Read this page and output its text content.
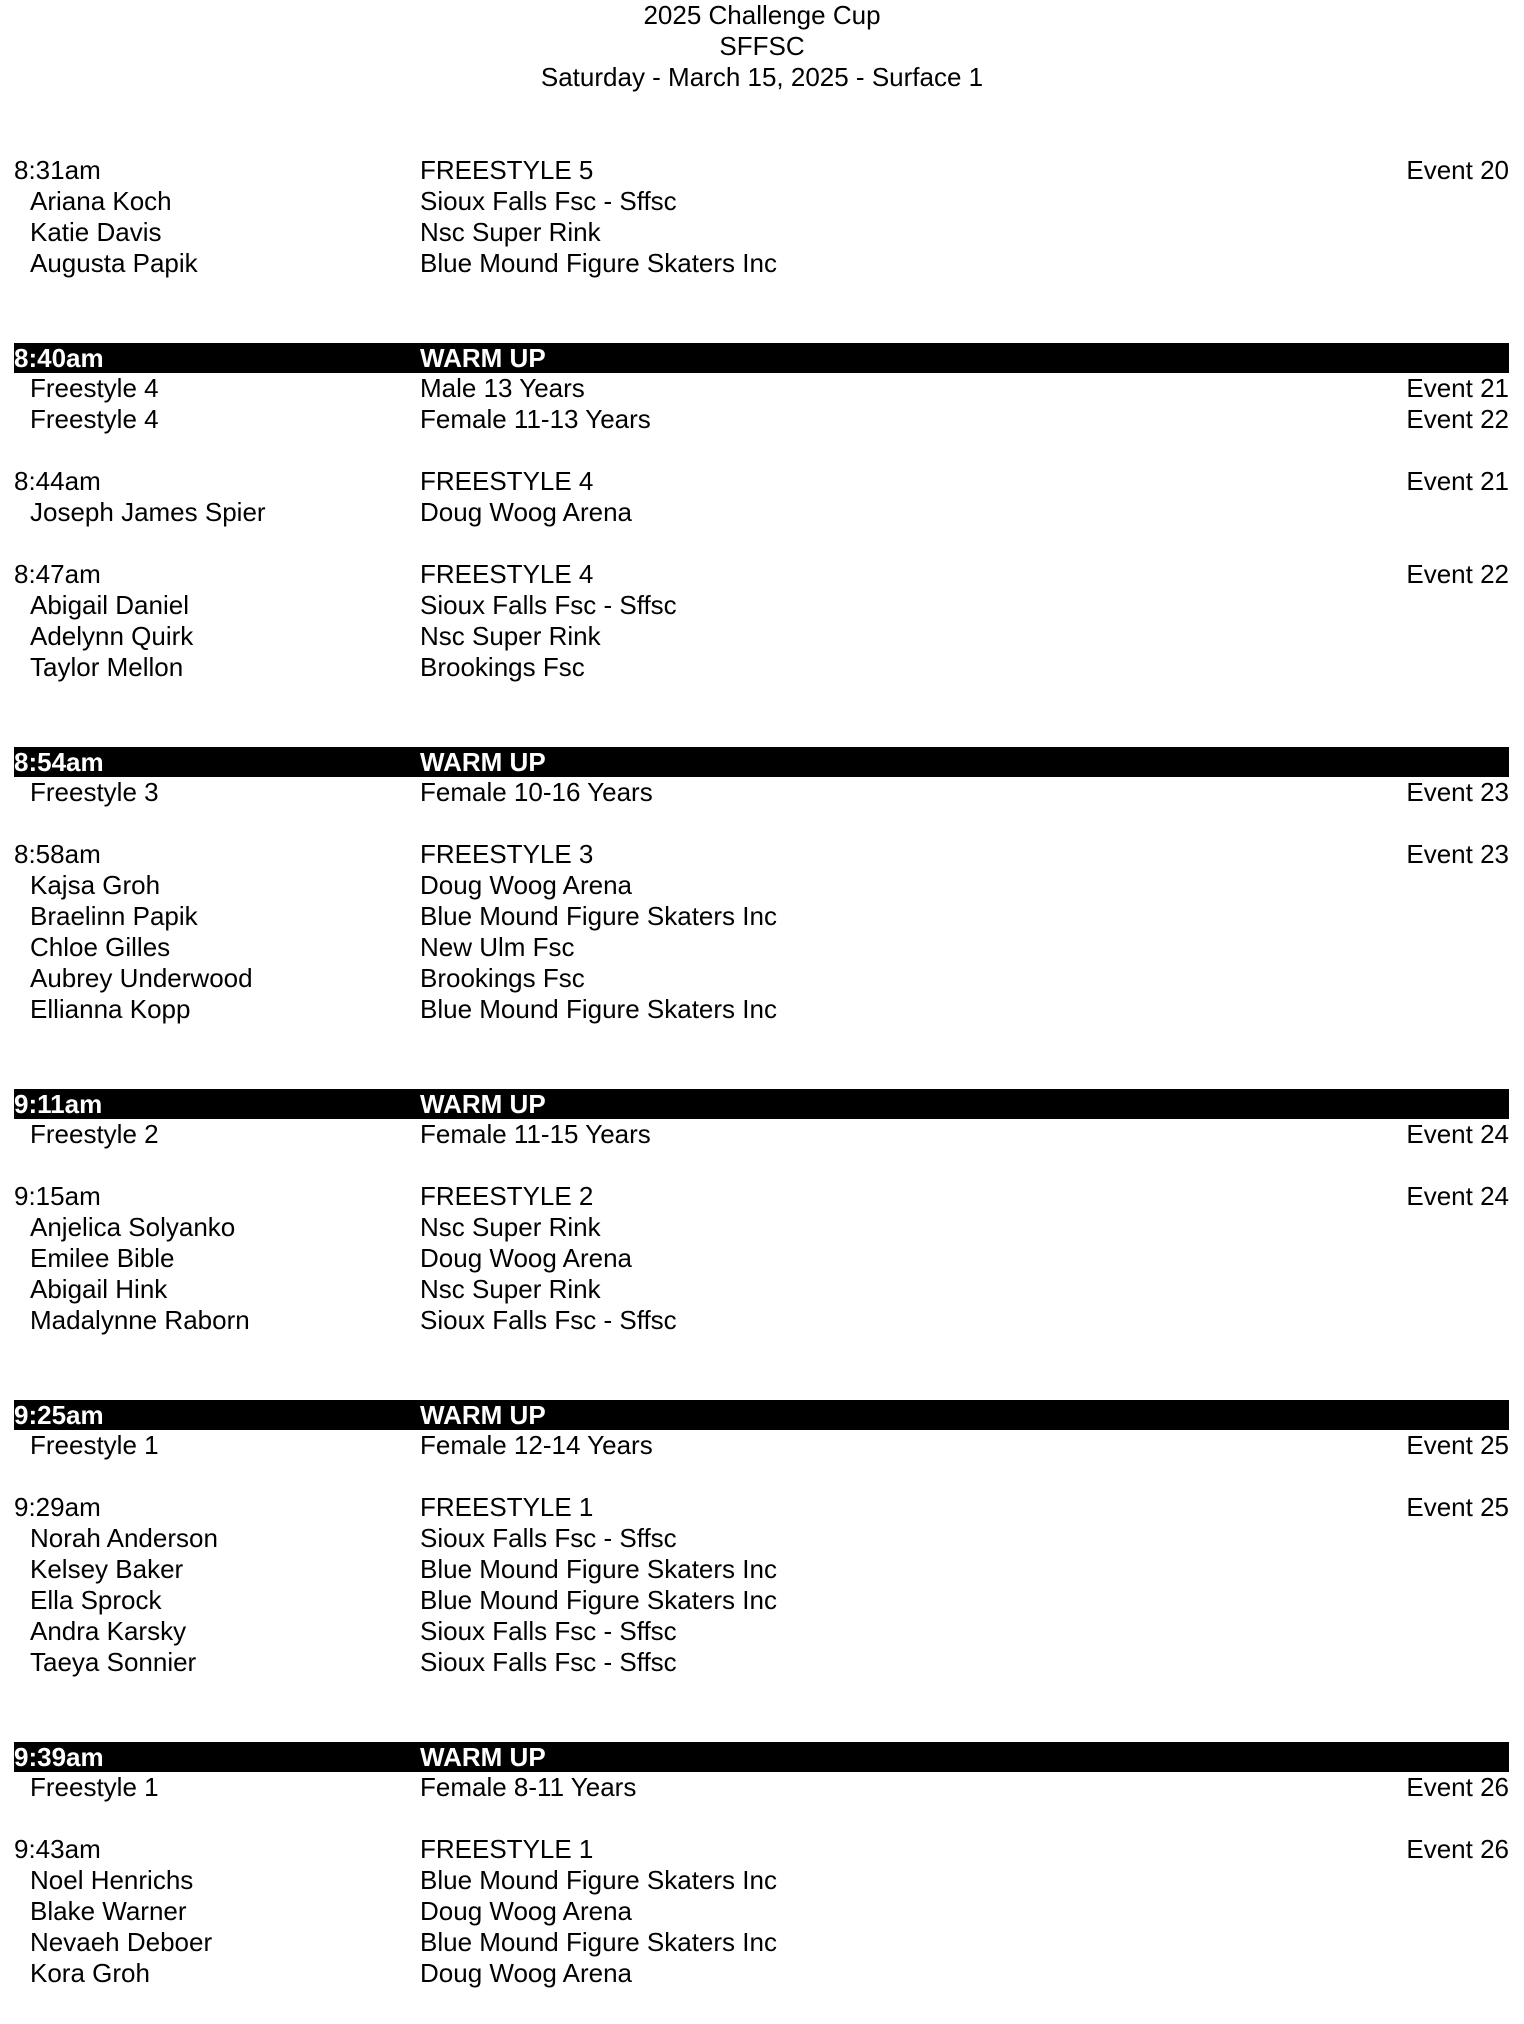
2025 Challenge Cup
SFFSC
Saturday - March 15, 2025 - Surface 1
8:31am	FREESTYLE 5	Event 20
Ariana Koch	Sioux Falls Fsc - Sffsc
Katie Davis	Nsc Super Rink
Augusta Papik	Blue Mound Figure Skaters Inc
8:40am	WARM UP
Freestyle 4	Male 13 Years	Event 21
Freestyle 4	Female 11-13 Years	Event 22
8:44am	FREESTYLE 4	Event 21
Joseph James Spier	Doug Woog Arena
8:47am	FREESTYLE 4	Event 22
Abigail Daniel	Sioux Falls Fsc - Sffsc
Adelynn Quirk	Nsc Super Rink
Taylor Mellon	Brookings Fsc
8:54am	WARM UP
Freestyle 3	Female 10-16 Years	Event 23
8:58am	FREESTYLE 3	Event 23
Kajsa Groh	Doug Woog Arena
Braelinn Papik	Blue Mound Figure Skaters Inc
Chloe Gilles	New Ulm Fsc
Aubrey Underwood	Brookings Fsc
Ellianna Kopp	Blue Mound Figure Skaters Inc
9:11am	WARM UP
Freestyle 2	Female 11-15 Years	Event 24
9:15am	FREESTYLE 2	Event 24
Anjelica Solyanko	Nsc Super Rink
Emilee Bible	Doug Woog Arena
Abigail Hink	Nsc Super Rink
Madalynne Raborn	Sioux Falls Fsc - Sffsc
9:25am	WARM UP
Freestyle 1	Female 12-14 Years	Event 25
9:29am	FREESTYLE 1	Event 25
Norah Anderson	Sioux Falls Fsc - Sffsc
Kelsey Baker	Blue Mound Figure Skaters Inc
Ella Sprock	Blue Mound Figure Skaters Inc
Andra Karsky	Sioux Falls Fsc - Sffsc
Taeya Sonnier	Sioux Falls Fsc - Sffsc
9:39am	WARM UP
Freestyle 1	Female 8-11 Years	Event 26
9:43am	FREESTYLE 1	Event 26
Noel Henrichs	Blue Mound Figure Skaters Inc
Blake Warner	Doug Woog Arena
Nevaeh Deboer	Blue Mound Figure Skaters Inc
Kora Groh	Doug Woog Arena
